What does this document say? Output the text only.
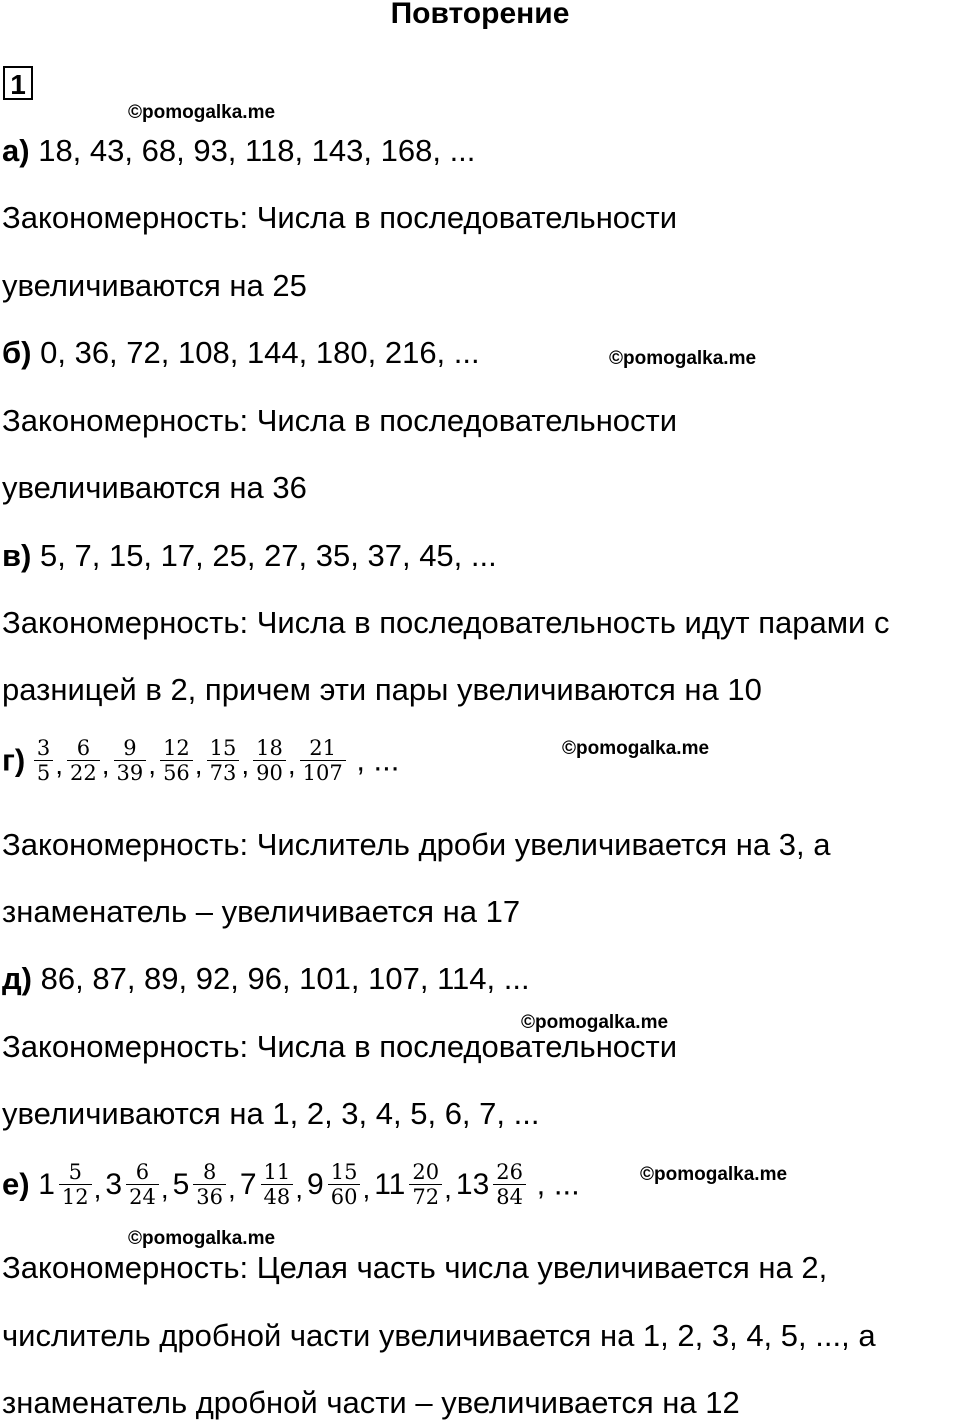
Повторение
1
©pomogalka.me
а) 18, 43, 68, 93, 118, 143, 168, ...
Закономерность: Числа в последовательности
увеличиваются на 25
б) 0, 36, 72, 108, 144, 180, 216, ...	©pomogalka.me
Закономерность: Числа в последовательности
увеличиваются на 36
в) 5, 7, 15, 17, 25, 27, 35, 37, 45, ...
Закономерность: Числа в последовательность идут парами с
разницей в 2, причем эти пары увеличиваются на 10
$г) \frac{3}{5}$ , $\frac{6}{22}$ , $\frac{9}{39}$ , $\frac{12}{56}$ , $\frac{15}{73}$ , $\frac{18}{90}$ , $\frac{21}{107}$ , ...	©pomogalka.me
Закономерность: Числитель дроби увеличивается на 3, а
знаменатель – увеличивается на 17
д) 86, 87, 89, 92, 96, 101, 107, 114, ...
©pomogalka.me
Закономерность: Числа в последовательности
увеличиваются на 1, 2, 3, 4, 5, 6, 7, ...
е) $1 \frac{5}{12}$ , $3 \frac{6}{24}$ , $5 \frac{8}{36}$ , $7 \frac{11}{48}$ , $9 \frac{15}{60}$ , $11 \frac{20}{72}$ , $13 \frac{26}{84}$ , ...	©pomogalka.me
©pomogalka.me
Закономерность: Целая часть числа увеличивается на 2,
числитель дробной части увеличивается на 1, 2, 3, 4, 5, ..., а
знаменатель дробной части – увеличивается на 12
